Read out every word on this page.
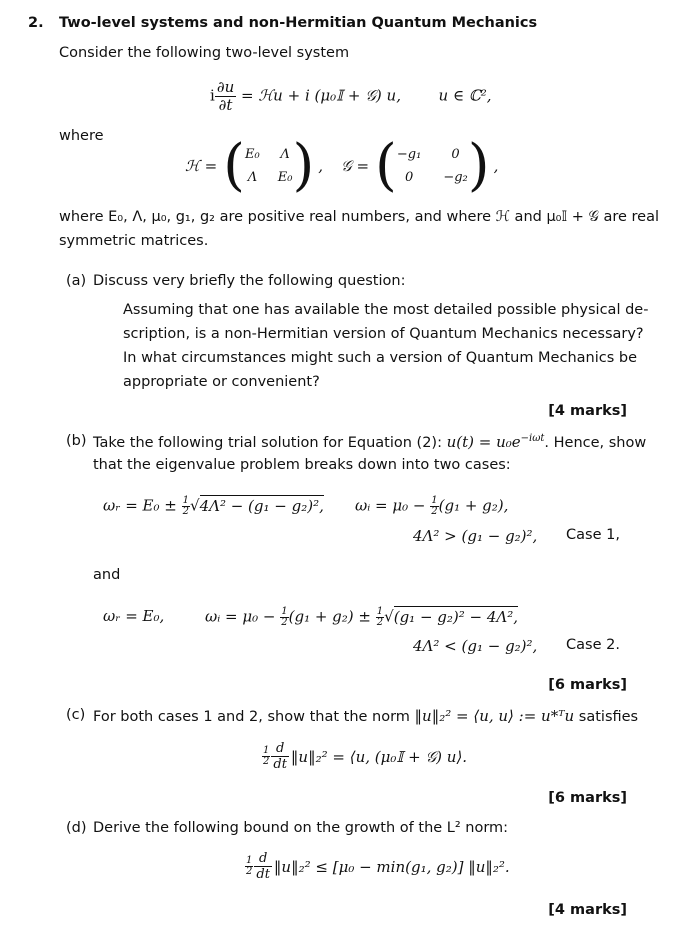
2. Two-level systems and non-Hermitian Quantum Mechanics
Consider the following two-level system
i $\frac{\partial u}{\partial t}$ = ℋu + i (μ₀𝕀 + 𝒢) u,	u ∈ ℂ²,
where
ℋ = ( E₀ Λ
Λ E₀ ) , 𝒢 = ( −g₁	0
0	−g₂ ) ,
where E₀, Λ, μ₀, g₁, g₂ are positive real numbers, and where ℋ and μ₀𝕀 + 𝒢 are real
symmetric matrices.
(a) Discuss very briefly the following question:
Assuming that one has available the most detailed possible physical de-
scription, is a non-Hermitian version of Quantum Mechanics necessary?
In what circumstances might such a version of Quantum Mechanics be
appropriate or convenient?
[4 marks]
(b) Take the following trial solution for Equation (2): $u(t) = u_0e^{-i\omega t}$. Hence, show
that the eigenvalue problem breaks down into two cases:
ωᵣ = $E_0 \pm \frac{1}{2} √4\Lambda^2 - (g_1 - g_2)^2$, ωᵢ = $\mu_0 - \frac{1}{2} (g_1 + g_2)$,
4Λ² > (g₁ − g₂)², Case 1,
and
ωᵣ = E₀,	ωᵢ = $\mu_0 - \frac{1}{2} (g_1 + g_2) \pm \frac{1}{2} √(g_1 - g_2)^2 - 4\Lambda^2$,
4Λ² < (g₁ − g₂)², Case 2.
[6 marks]
(c) For both cases 1 and 2, show that the norm ‖u‖₂² = ⟨u, u⟩ := u*ᵀu satisfies
1
$2 \frac{d}{dt}$ ‖u‖₂² = ⟨u, (μ₀𝕀 + 𝒢) u⟩.
[6 marks]
(d) Derive the following bound on the growth of the L² norm:
1
$2 \frac{d}{dt}$ ‖u‖₂² ≤ [μ₀ − min(g₁, g₂)] ‖u‖₂².
[4 marks]
